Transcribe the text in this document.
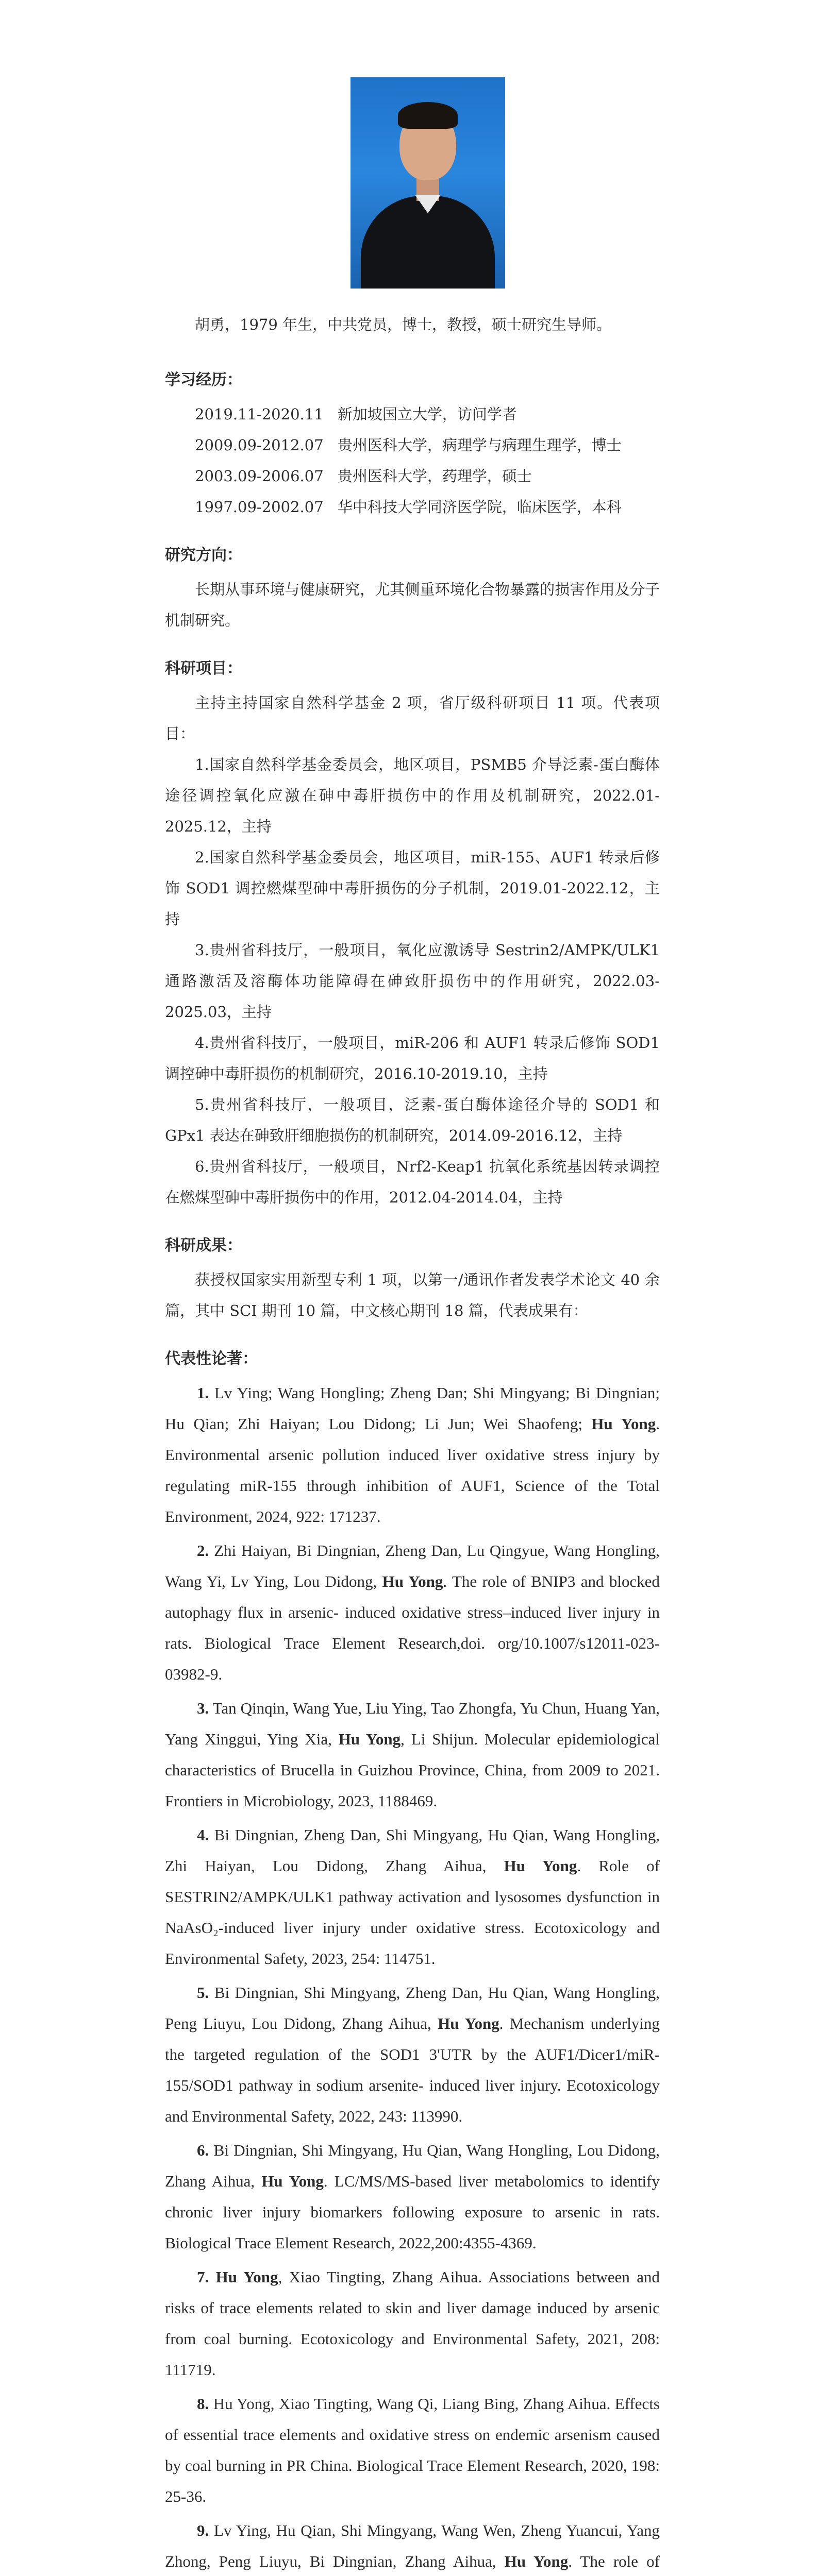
胡勇，1979 年生，中共党员，博士，教授，硕士研究生导师。

学习经历：

2019.11-2020.11 新加坡国立大学，访问学者

2009.09-2012.07 贵州医科大学，病理学与病理生理学，博士

2003.09-2006.07 贵州医科大学，药理学，硕士

1997.09-2002.07 华中科技大学同济医学院，临床医学，本科

研究方向：

长期从事环境与健康研究，尤其侧重环境化合物暴露的损害作用及分子机制研究。

科研项目：

主持主持国家自然科学基金 2 项，省厅级科研项目 11 项。代表项目：

1.国家自然科学基金委员会，地区项目，PSMB5 介导泛素-蛋白酶体途径调控氧化应激在砷中毒肝损伤中的作用及机制研究，2022.01-2025.12，主持

2.国家自然科学基金委员会，地区项目，miR-155、AUF1 转录后修饰 SOD1 调控燃煤型砷中毒肝损伤的分子机制，2019.01-2022.12，主持

3.贵州省科技厅，一般项目，氧化应激诱导 Sestrin2/AMPK/ULK1 通路激活及溶酶体功能障碍在砷致肝损伤中的作用研究，2022.03-2025.03，主持

4.贵州省科技厅，一般项目，miR-206 和 AUF1 转录后修饰 SOD1 调控砷中毒肝损伤的机制研究，2016.10-2019.10，主持

5.贵州省科技厅，一般项目，泛素-蛋白酶体途径介导的 SOD1 和 GPx1 表达在砷致肝细胞损伤的机制研究，2014.09-2016.12，主持

6.贵州省科技厅，一般项目，Nrf2-Keap1 抗氧化系统基因转录调控在燃煤型砷中毒肝损伤中的作用，2012.04-2014.04，主持

科研成果：

获授权国家实用新型专利 1 项，以第一/通讯作者发表学术论文 40 余篇，其中 SCI 期刊 10 篇，中文核心期刊 18 篇，代表成果有：

代表性论著：

1. Lv Ying; Wang Hongling; Zheng Dan; Shi Mingyang; Bi Dingnian; Hu Qian; Zhi Haiyan; Lou Didong; Li Jun; Wei Shaofeng; Hu Yong. Environmental arsenic pollution induced liver oxidative stress injury by regulating miR-155 through inhibition of AUF1, Science of the Total Environment, 2024, 922: 171237.

2. Zhi Haiyan, Bi Dingnian, Zheng Dan, Lu Qingyue, Wang Hongling, Wang Yi, Lv Ying, Lou Didong, Hu Yong. The role of BNIP3 and blocked autophagy flux in arsenic- induced oxidative stress–induced liver injury in rats. Biological Trace Element Research,doi. org/10.1007/s12011-023-03982-9.

3. Tan Qinqin, Wang Yue, Liu Ying, Tao Zhongfa, Yu Chun, Huang Yan, Yang Xinggui, Ying Xia, Hu Yong, Li Shijun. Molecular epidemiological characteristics of Brucella in Guizhou Province, China, from 2009 to 2021. Frontiers in Microbiology, 2023, 1188469.

4. Bi Dingnian, Zheng Dan, Shi Mingyang, Hu Qian, Wang Hongling, Zhi Haiyan, Lou Didong, Zhang Aihua, Hu Yong. Role of SESTRIN2/AMPK/ULK1 pathway activation and lysosomes dysfunction in NaAsO₂-induced liver injury under oxidative stress. Ecotoxicology and Environmental Safety, 2023, 254: 114751.

5. Bi Dingnian, Shi Mingyang, Zheng Dan, Hu Qian, Wang Hongling, Peng Liuyu, Lou Didong, Zhang Aihua, Hu Yong. Mechanism underlying the targeted regulation of the SOD1 3'UTR by the AUF1/Dicer1/miR-155/SOD1 pathway in sodium arsenite- induced liver injury. Ecotoxicology and Environmental Safety, 2022, 243: 113990.

6. Bi Dingnian, Shi Mingyang, Hu Qian, Wang Hongling, Lou Didong, Zhang Aihua, Hu Yong. LC/MS/MS-based liver metabolomics to identify chronic liver injury biomarkers following exposure to arsenic in rats. Biological Trace Element Research, 2022,200:4355-4369.

7. Hu Yong, Xiao Tingting, Zhang Aihua. Associations between and risks of trace elements related to skin and liver damage induced by arsenic from coal burning. Ecotoxicology and Environmental Safety, 2021, 208: 111719.

8. Hu Yong, Xiao Tingting, Wang Qi, Liang Bing, Zhang Aihua. Effects of essential trace elements and oxidative stress on endemic arsenism caused by coal burning in PR China. Biological Trace Element Research, 2020, 198: 25-36.

9. Lv Ying, Hu Qian, Shi Mingyang, Wang Wen, Zheng Yuancui, Yang Zhong, Peng Liuyu, Bi Dingnian, Zhang Aihua, Hu Yong. The role of
